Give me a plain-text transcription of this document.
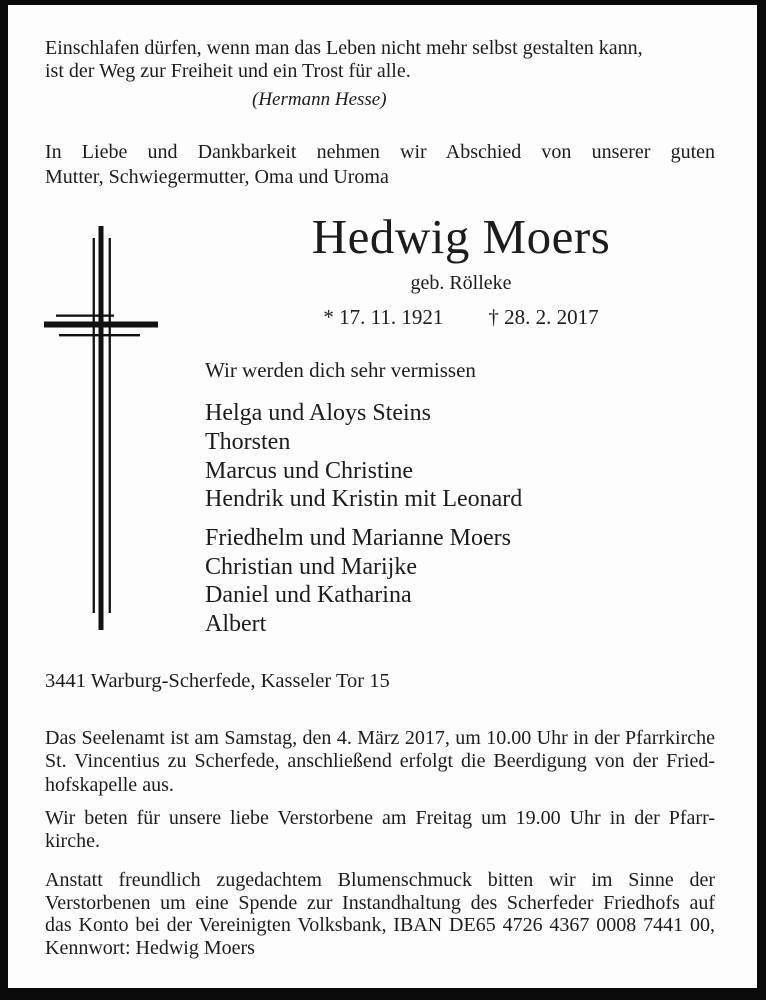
Einschlafen dürfen, wenn man das Leben nicht mehr selbst gestalten kann,
ist der Weg zur Freiheit und ein Trost für alle.
(Hermann Hesse)
In Liebe und Dankbarkeit nehmen wir Abschied von unserer guten
Mutter, Schwiegermutter, Oma und Uroma
Hedwig Moers
geb. Rölleke
* 17. 11. 1921 † 28. 2. 2017
Wir werden dich sehr vermissen
Helga und Aloys Steins
Thorsten
Marcus und Christine
Hendrik und Kristin mit Leonard
Friedhelm und Marianne Moers
Christian und Marijke
Daniel und Katharina
Albert
3441 Warburg-Scherfede, Kasseler Tor 15
Das Seelenamt ist am Samstag, den 4. März 2017, um 10.00 Uhr in der Pfarrkirche
St. Vincentius zu Scherfede, anschließend erfolgt die Beerdigung von der Fried-
hofskapelle aus.
Wir beten für unsere liebe Verstorbene am Freitag um 19.00 Uhr in der Pfarr-
kirche.
Anstatt freundlich zugedachtem Blumenschmuck bitten wir im Sinne der
Verstorbenen um eine Spende zur Instandhaltung des Scherfeder Friedhofs auf
das Konto bei der Vereinigten Volksbank, IBAN DE65 4726 4367 0008 7441 00,
Kennwort: Hedwig Moers
